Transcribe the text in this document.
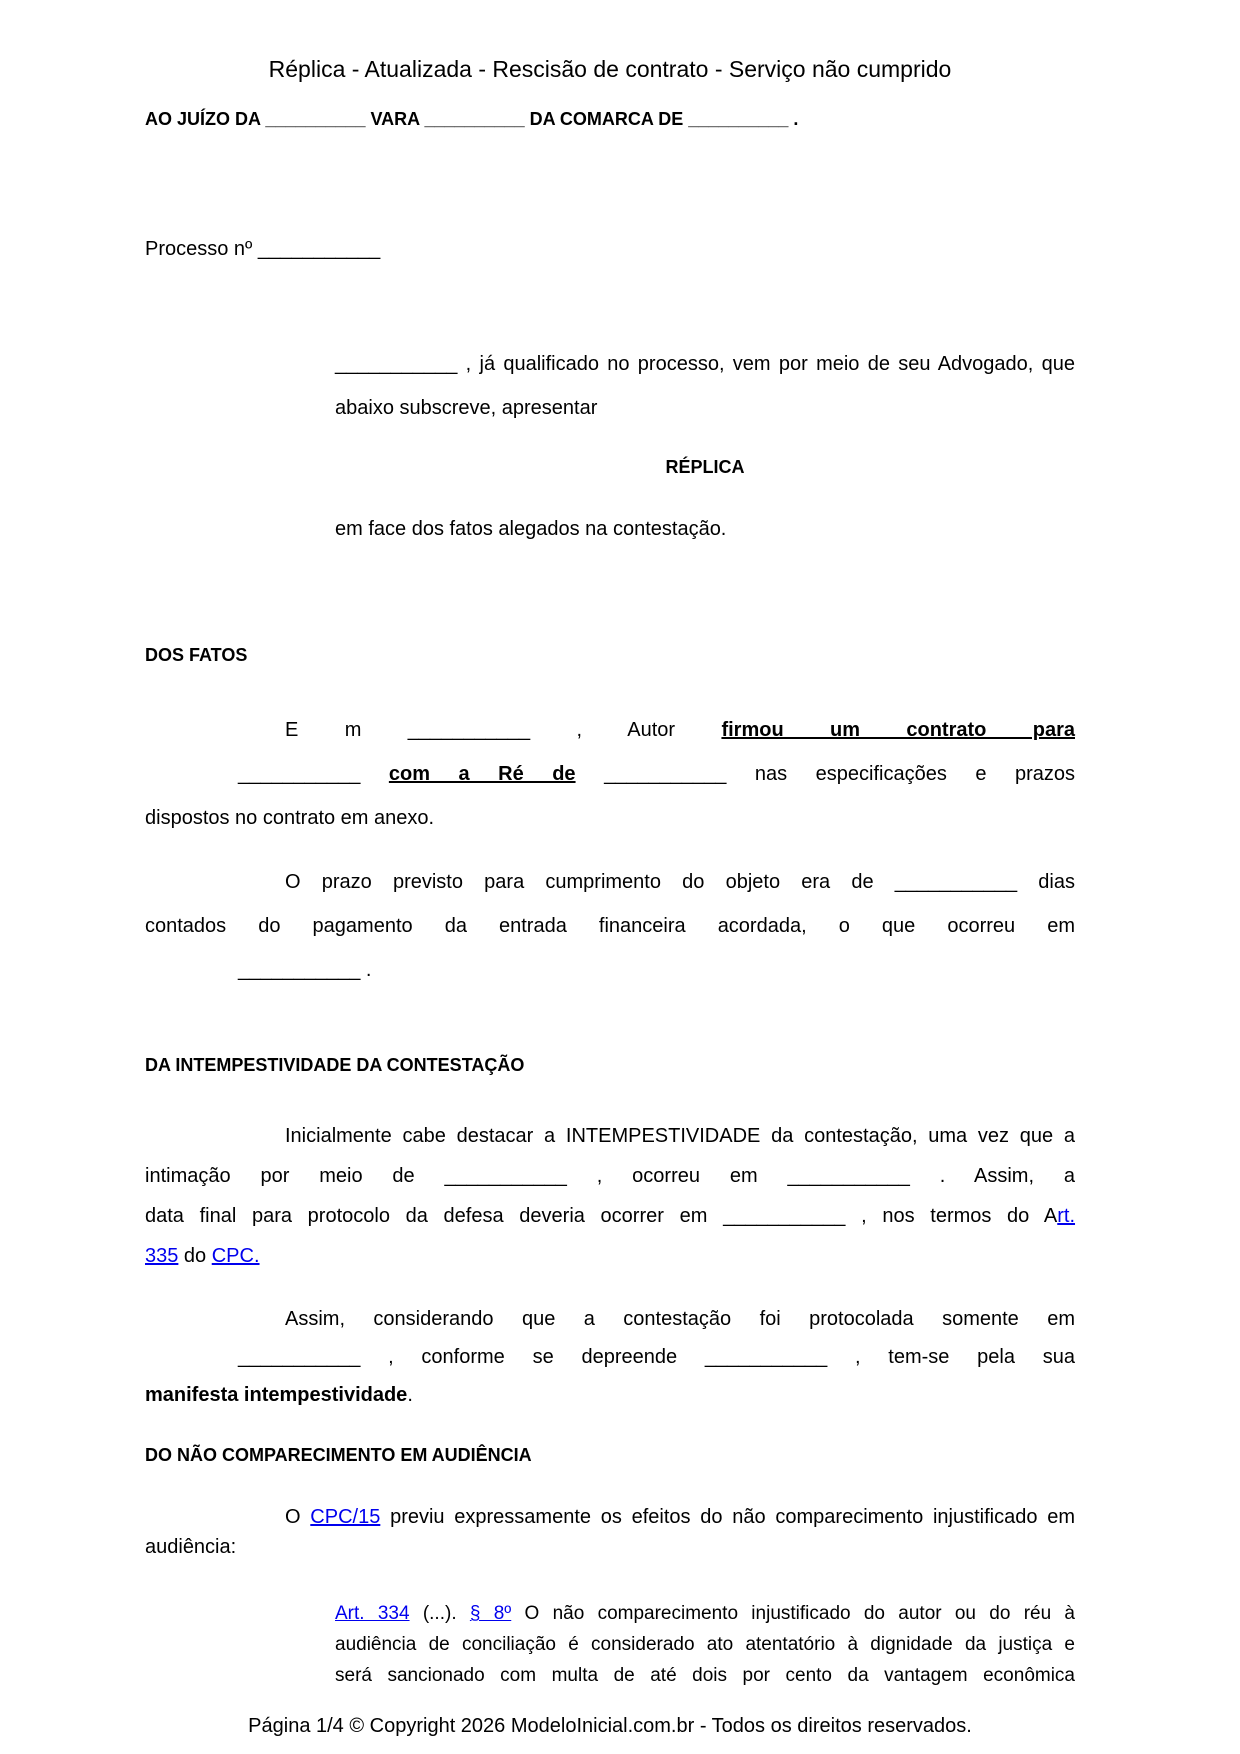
Réplica - Atualizada - Rescisão de contrato - Serviço não cumprido
AO JUÍZO DA __________ VARA __________ DA COMARCA DE __________ .
Processo nº ___________
___________ , já qualificado no processo, vem por meio de seu Advogado, que
abaixo subscreve, apresentar
RÉPLICA
em face dos fatos alegados na contestação.
DOS FATOS
E m ___________ , Autor firmou um contrato para
___________ com a Ré de ___________ nas especificações e prazos
dispostos no contrato em anexo.
O prazo previsto para cumprimento do objeto era de ___________ dias
contados do pagamento da entrada financeira acordada, o que ocorreu em
___________ .
DA INTEMPESTIVIDADE DA CONTESTAÇÃO
Inicialmente cabe destacar a INTEMPESTIVIDADE da contestação, uma vez que a
intimação por meio de ___________ , ocorreu em ___________ . Assim, a
data final para protocolo da defesa deveria ocorrer em ___________ , nos termos do Art.
335 do CPC.
Assim, considerando que a contestação foi protocolada somente em
___________ , conforme se depreende ___________ , tem-se pela sua
manifesta intempestividade.
DO NÃO COMPARECIMENTO EM AUDIÊNCIA
O CPC/15 previu expressamente os efeitos do não comparecimento injustificado em
audiência:
Art. 334 (...). § 8º O não comparecimento injustificado do autor ou do réu à
audiência de conciliação é considerado ato atentatório à dignidade da justiça e
será sancionado com multa de até dois por cento da vantagem econômica
Página 1/4 © Copyright 2026 ModeloInicial.com.br - Todos os direitos reservados.
